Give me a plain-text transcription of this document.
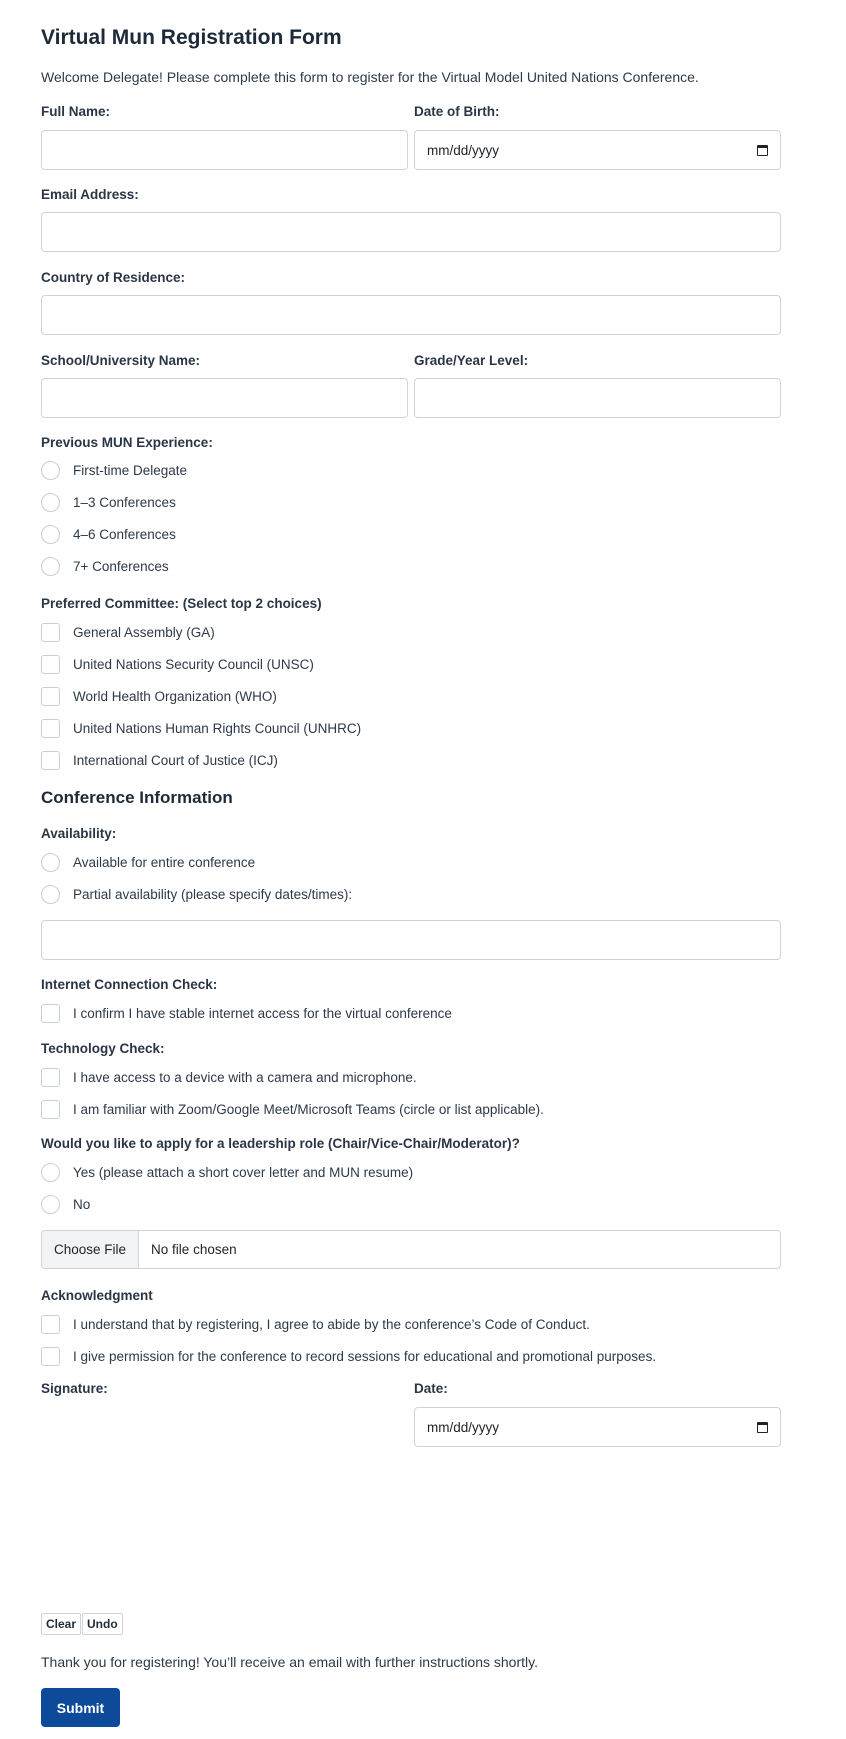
Virtual Mun Registration Form
Welcome Delegate! Please complete this form to register for the Virtual Model United Nations Conference.
Full Name:	Date of Birth:
mm/dd/yyyy
Email Address:
Country of Residence:
School/University Name:	Grade/Year Level:
Previous MUN Experience:
First-time Delegate
1–3 Conferences
4–6 Conferences
7+ Conferences
Preferred Committee: (Select top 2 choices)
General Assembly (GA)
United Nations Security Council (UNSC)
World Health Organization (WHO)
United Nations Human Rights Council (UNHRC)
International Court of Justice (ICJ)
Conference Information
Availability:
Available for entire conference
Partial availability (please specify dates/times):
Internet Connection Check:
I confirm I have stable internet access for the virtual conference
Technology Check:
I have access to a device with a camera and microphone.
I am familiar with Zoom/Google Meet/Microsoft Teams (circle or list applicable).
Would you like to apply for a leadership role (Chair/Vice-Chair/Moderator)?
Yes (please attach a short cover letter and MUN resume)
No
Choose File	No file chosen
Acknowledgment
I understand that by registering, I agree to abide by the conference’s Code of Conduct.
I give permission for the conference to record sessions for educational and promotional purposes.
Signature:	Date:
mm/dd/yyyy
Clear Undo
Thank you for registering! You’ll receive an email with further instructions shortly.
Submit
